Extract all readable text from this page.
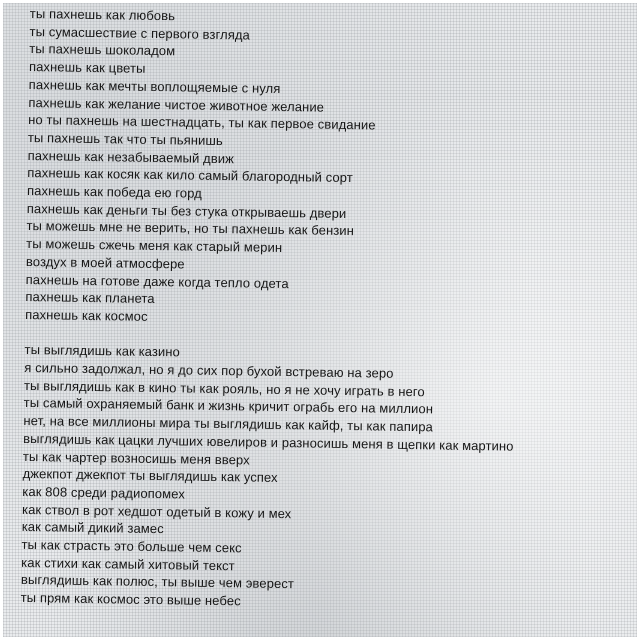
ты пахнешь как любовь
ты сумасшествие с первого взгляда
ты пахнешь шоколадом
пахнешь как цветы
пахнешь как мечты воплощяемые с нуля
пахнешь как желание чистое животное желание
но ты пахнешь на шестнадцать, ты как первое свидание
ты пахнешь так что ты пьянишь
пахнешь как незабываемый движ
пахнешь как косяк как кило самый благородный сорт
пахнешь как победа ею горд
пахнешь как деньги ты без стука открываешь двери
ты можешь мне не верить, но ты пахнешь как бензин
ты можешь сжечь меня как старый мерин
воздух в моей атмосфере
пахнешь на готове даже когда тепло одета
пахнешь как планета
пахнешь как космос
ты выглядишь как казино
я сильно задолжал, но я до сих пор бухой встреваю на зеро
ты выглядишь как в кино ты как рояль, но я не хочу играть в него
ты самый охраняемый банк и жизнь кричит ограбь его на миллион
нет, на все миллионы мира ты выглядишь как кайф, ты как папира
выглядишь как цацки лучших ювелиров и разносишь меня в щепки как мартино
ты как чартер возносишь меня вверх
джекпот джекпот ты выглядишь как успех
как 808 среди радиопомех
как ствол в рот хедшот одетый в кожу и мех
как самый дикий замес
ты как страсть это больше чем секс
как стихи как самый хитовый текст
выглядишь как полюс, ты выше чем эверест
ты прям как космос это выше небес
